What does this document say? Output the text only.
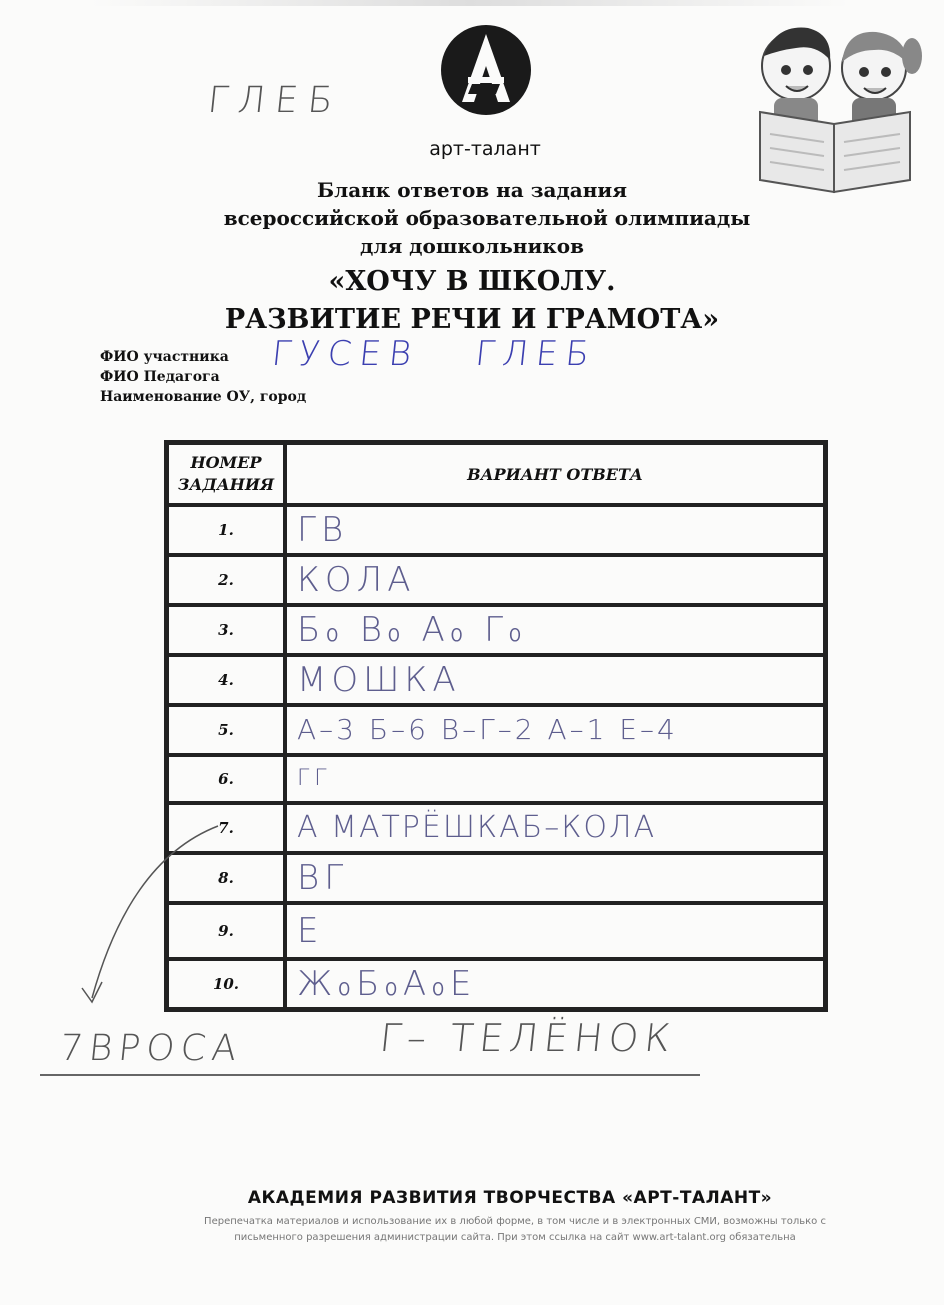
ГЛЕБ
арт-талант
Бланк ответов на задания
всероссийской образовательной олимпиады
для дошкольников
«ХОЧУ В ШКОЛУ.
РАЗВИТИЕ РЕЧИ И ГРАМОТА»
ФИО участника ГУСЕВ   ГЛЕБ
ФИО Педагога
Наименование ОУ, город
НОМЕР
ЗАДАНИЯ	ВАРИАНТ ОТВЕТА
1.	ГВ

2.	КОЛА

3.	Б₀ В₀ А₀ Г₀

4.	МОШКА

5.	А–3 Б–6 В–Г–2 А–1 Е–4

6.	ГГ

7.	А МАТРЁШКАБ–КОЛА

8.	ВГ

9.	Е

10.	Ж₀Б₀А₀Е
7ВРОСА	Г– ТЕЛЁНОК
АКАДЕМИЯ РАЗВИТИЯ ТВОРЧЕСТВА «АРТ-ТАЛАНТ»
Перепечатка материалов и использование их в любой форме, в том числе и в электронных СМИ, возможны только с
письменного разрешения администрации сайта. При этом ссылка на сайт www.art-talant.org обязательна
